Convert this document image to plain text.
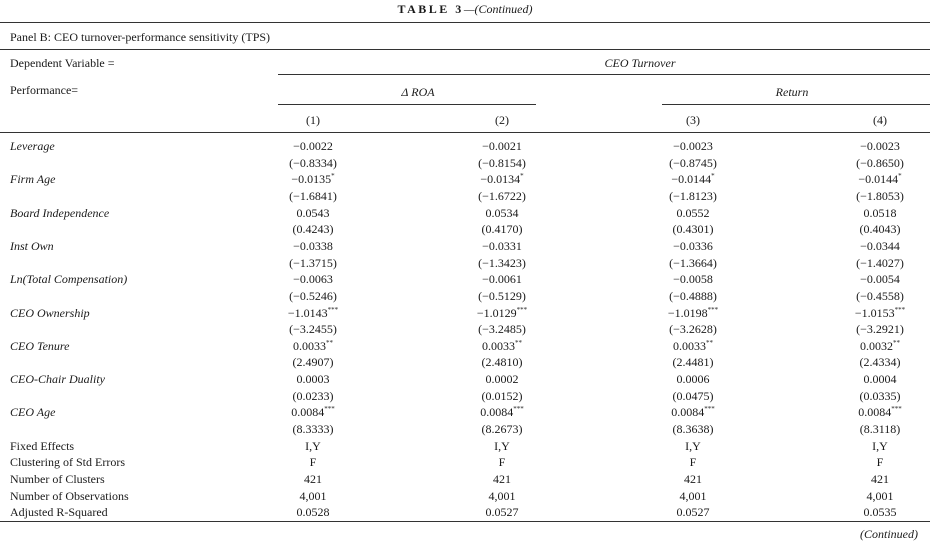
TABLE 3—(Continued)
Panel B: CEO turnover-performance sensitivity (TPS)
Dependent Variable =	CEO Turnover
Performance=	Δ ROA	Return
(1)	(2)	(3)	(4)
Leverage	−0.0022	−0.0021	−0.0023	−0.0023
(−0.8334)	(−0.8154)	(−0.8745)	(−0.8650)
Firm Age	−0.0135*	−0.0134*	−0.0144*	−0.0144*
(−1.6841)	(−1.6722)	(−1.8123)	(−1.8053)
Board Independence	0.0543	0.0534	0.0552	0.0518
(0.4243)	(0.4170)	(0.4301)	(0.4043)
Inst Own	−0.0338	−0.0331	−0.0336	−0.0344
(−1.3715)	(−1.3423)	(−1.3664)	(−1.4027)
Ln(Total Compensation)	−0.0063	−0.0061	−0.0058	−0.0054
(−0.5246)	(−0.5129)	(−0.4888)	(−0.4558)
CEO Ownership	−1.0143***	−1.0129***	−1.0198***	−1.0153***
(−3.2455)	(−3.2485)	(−3.2628)	(−3.2921)
CEO Tenure	0.0033**	0.0033**	0.0033**	0.0032**
(2.4907)	(2.4810)	(2.4481)	(2.4334)
CEO-Chair Duality	0.0003	0.0002	0.0006	0.0004
(0.0233)	(0.0152)	(0.0475)	(0.0335)
CEO Age	0.0084***	0.0084***	0.0084***	0.0084***
(8.3333)	(8.2673)	(8.3638)	(8.3118)
Fixed Effects	I,Y	I,Y	I,Y	I,Y
Clustering of Std Errors	F	F	F	F
Number of Clusters	421	421	421	421
Number of Observations	4,001	4,001	4,001	4,001
Adjusted R-Squared	0.0528	0.0527	0.0527	0.0535
(Continued)
